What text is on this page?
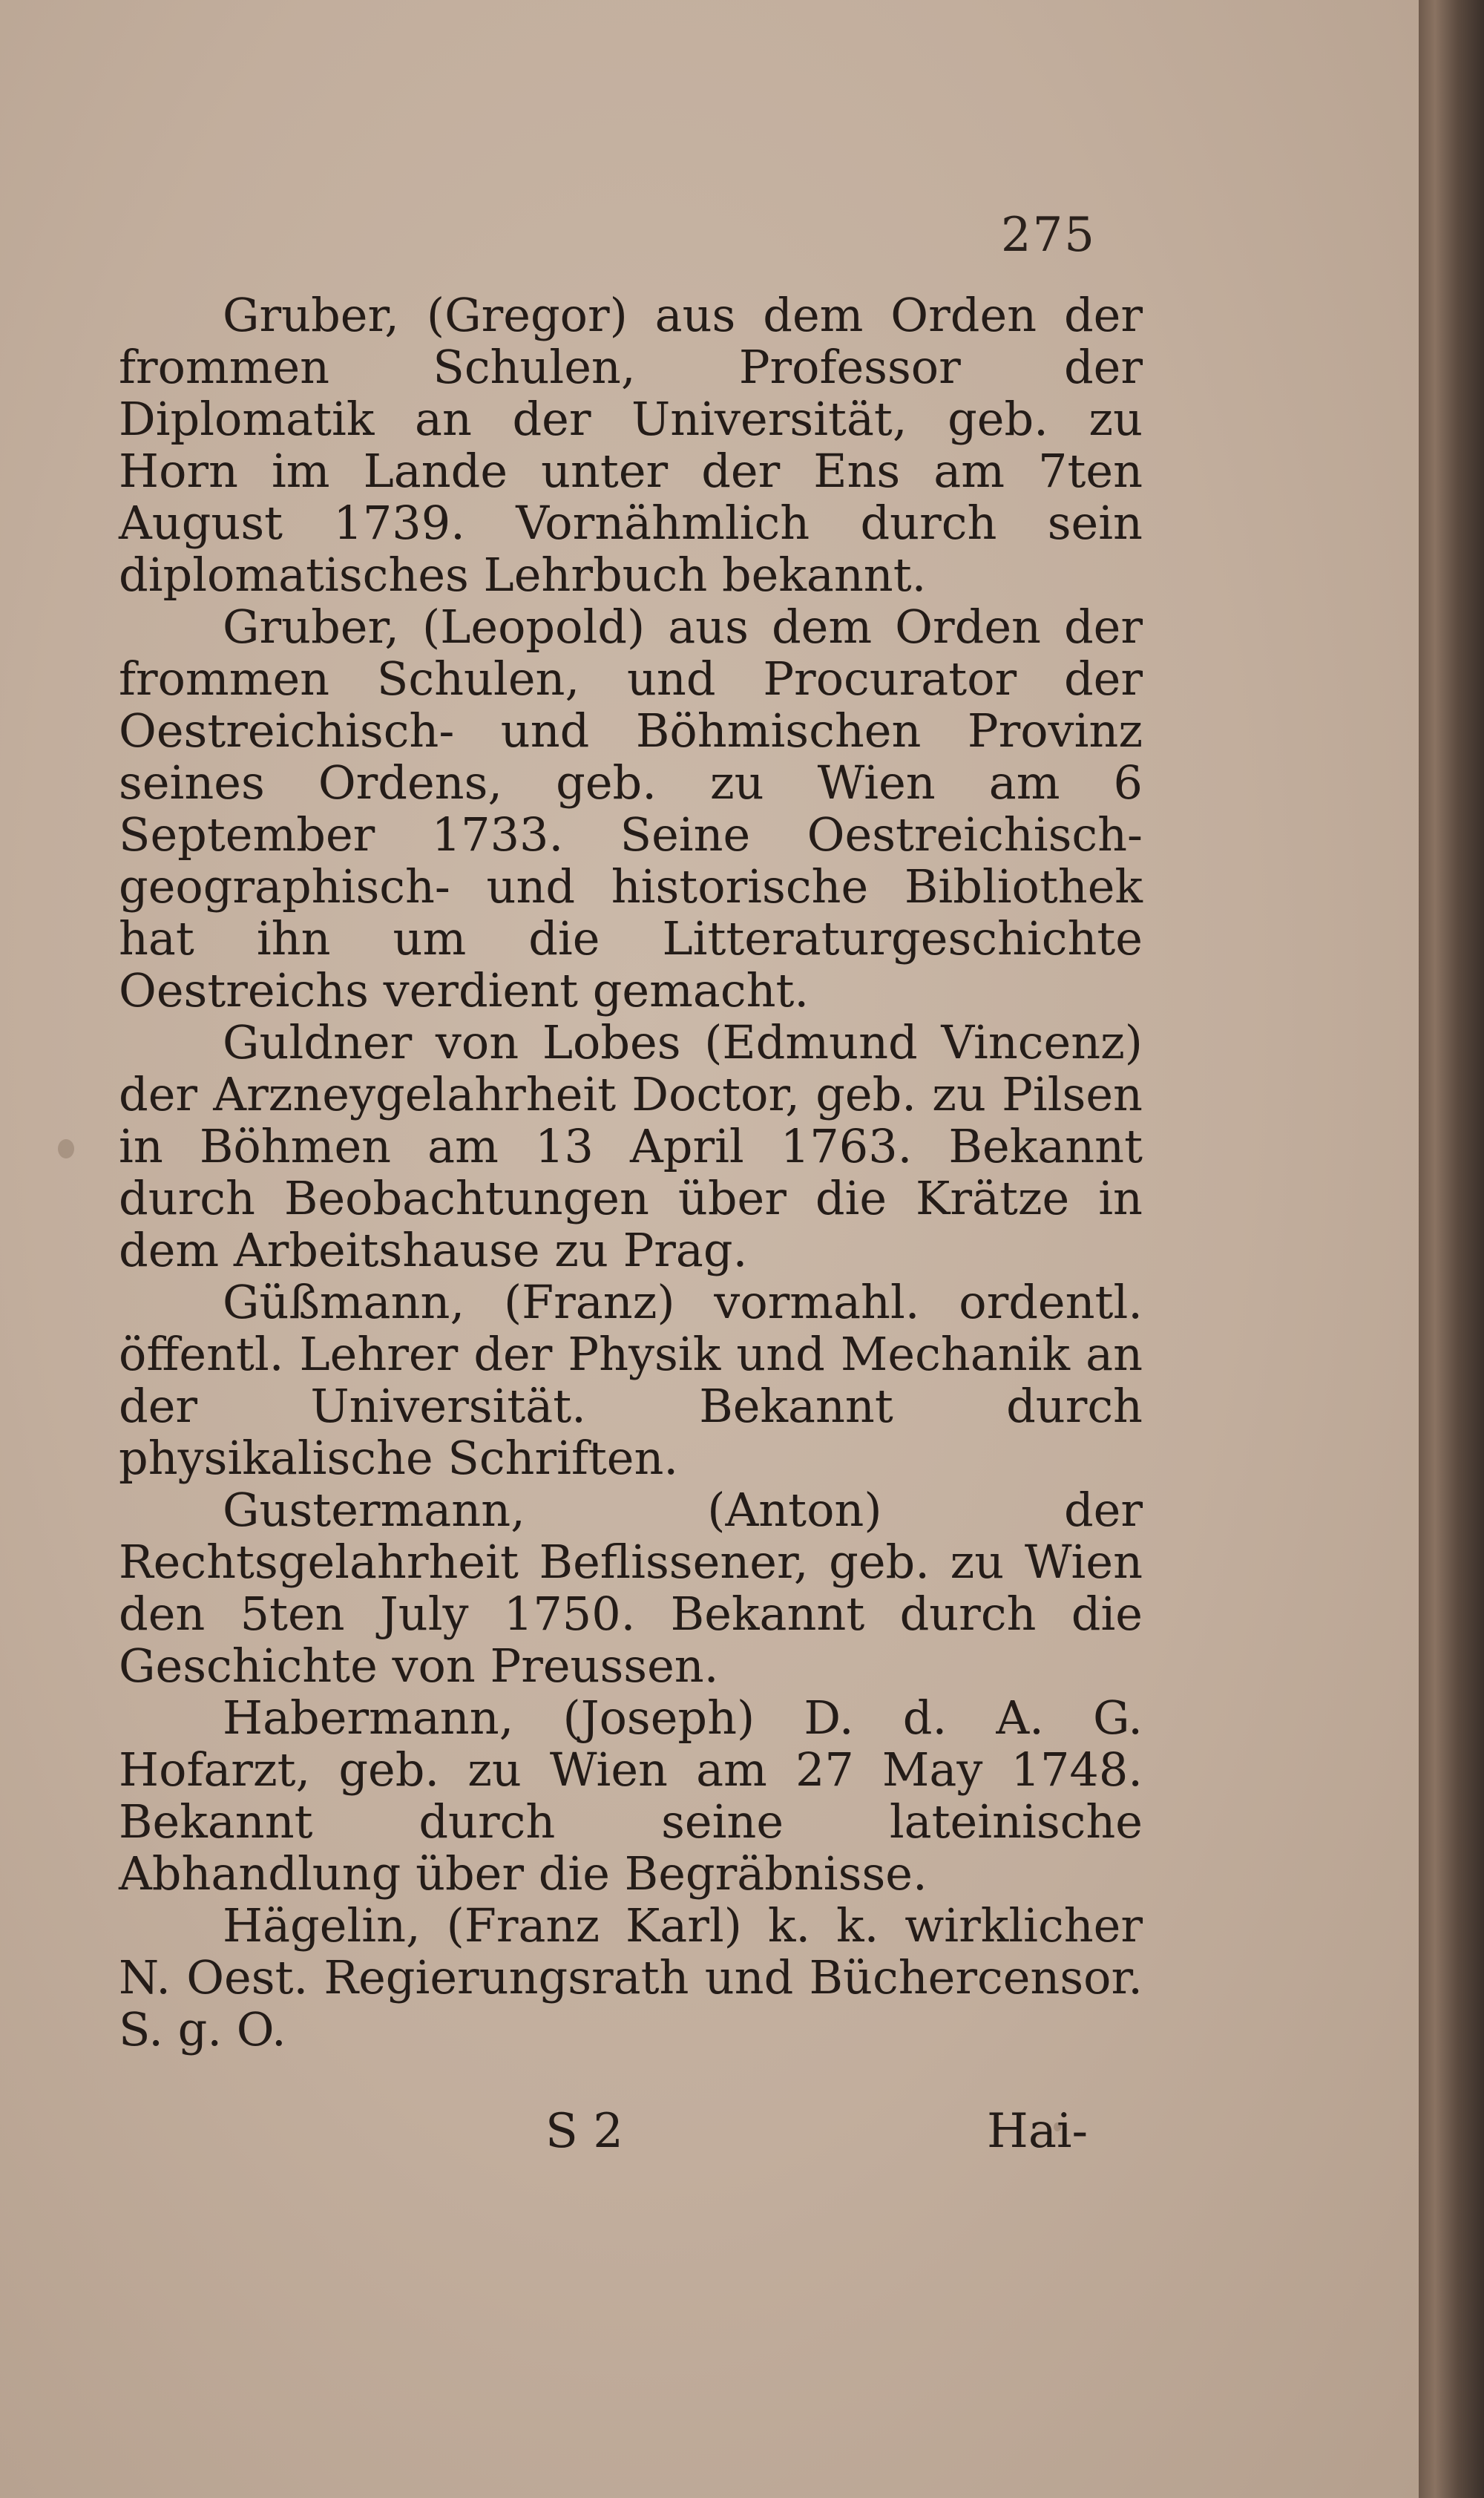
275

Gruber, (Gregor) aus dem Orden der frommen Schulen, Professor der Diplomatik an der Universität, geb. zu Horn im Lande unter der Ens am 7ten August 1739. Vornähmlich durch sein diplomatisches Lehrbuch bekannt.

Gruber, (Leopold) aus dem Orden der frommen Schulen, und Procurator der Oestreichisch- und Böhmischen Provinz seines Ordens, geb. zu Wien am 6 September 1733. Seine Oestreichisch-geographisch- und historische Bibliothek hat ihn um die Litteraturgeschichte Oestreichs verdient gemacht.

Guldner von Lobes (Edmund Vincenz) der Arzneygelahrheit Doctor, geb. zu Pilsen in Böhmen am 13 April 1763. Bekannt durch Beobachtungen über die Krätze in dem Arbeitshause zu Prag.

Güßmann, (Franz) vormahl. ordentl. öffentl. Lehrer der Physik und Mechanik an der Universität. Bekannt durch physikalische Schriften.

Gustermann, (Anton) der Rechtsgelahrheit Beflissener, geb. zu Wien den 5ten July 1750. Bekannt durch die Geschichte von Preussen.

Habermann, (Joseph) D. d. A. G. Hofarzt, geb. zu Wien am 27 May 1748. Bekannt durch seine lateinische Abhandlung über die Begräbnisse.

Hägelin, (Franz Karl) k. k. wirklicher N. Oest. Regierungsrath und Büchercensor. S. g. O.

S 2	Hai-
